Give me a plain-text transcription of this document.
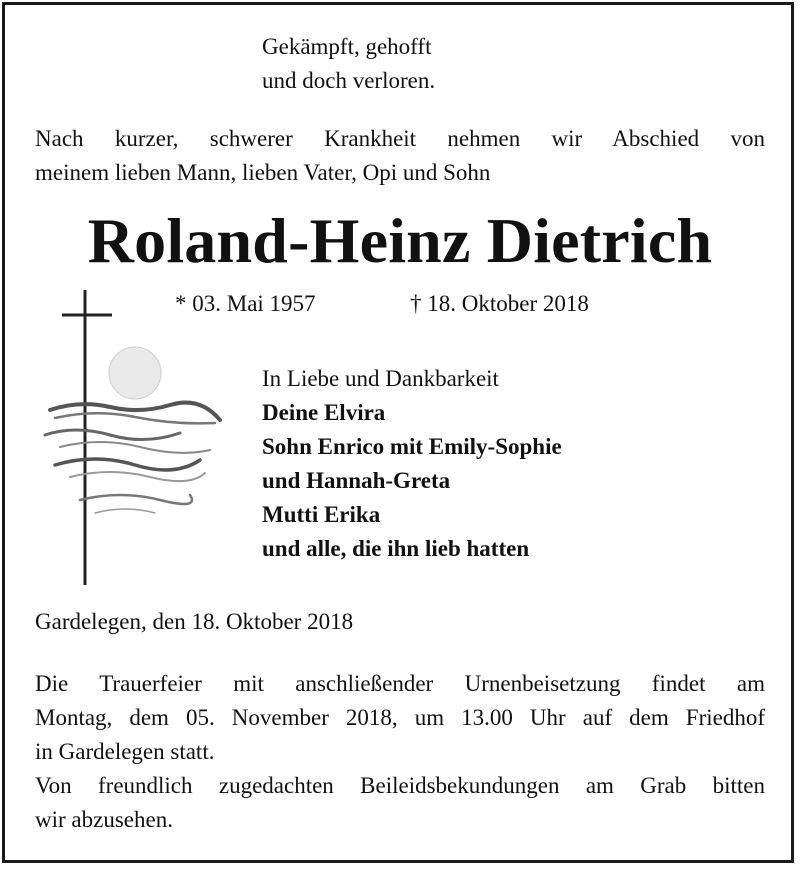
Gekämpft, gehofft
und doch verloren.
Nach kurzer, schwerer Krankheit nehmen wir Abschied von
meinem lieben Mann, lieben Vater, Opi und Sohn
Roland-Heinz Dietrich
* 03. Mai 1957	† 18. Oktober 2018
In Liebe und Dankbarkeit
Deine Elvira
Sohn Enrico mit Emily-Sophie
und Hannah-Greta
Mutti Erika
und alle, die ihn lieb hatten
Gardelegen, den 18. Oktober 2018
Die Trauerfeier mit anschließender Urnenbeisetzung findet am
Montag, dem 05. November 2018, um 13.00 Uhr auf dem Friedhof
in Gardelegen statt.
Von freundlich zugedachten Beileidsbekundungen am Grab bitten
wir abzusehen.
